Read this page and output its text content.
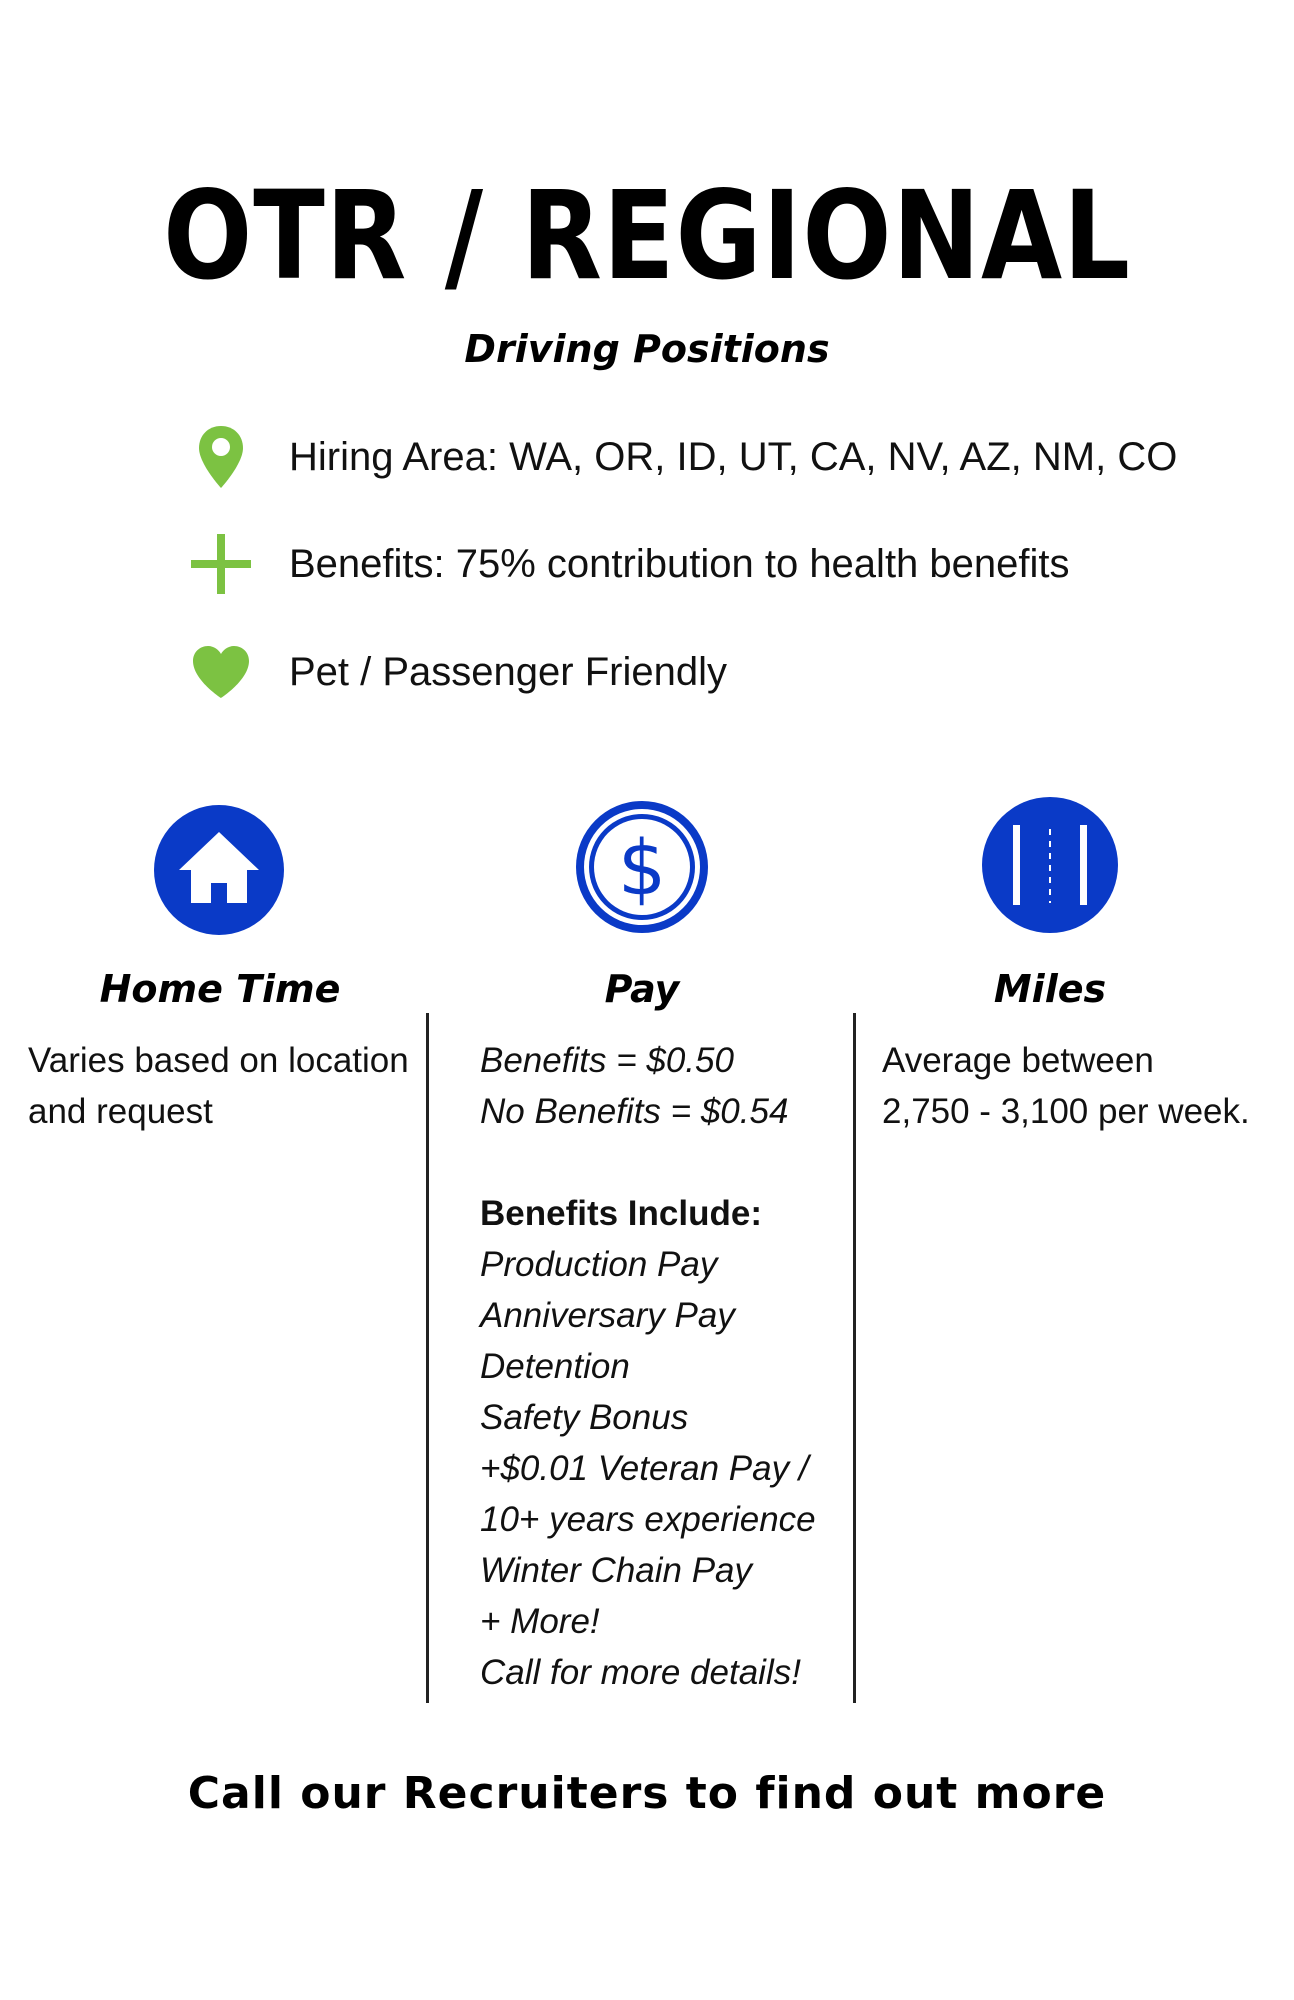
OTR / REGIONAL
Driving Positions
Hiring Area: WA, OR, ID, UT, CA, NV, AZ, NM, CO
Benefits: 75% contribution to health benefits
Pet / Passenger Friendly
$
Home Time	Pay	Miles
Varies based on location
and request
Benefits = $0.50
No Benefits = $0.54
Benefits Include:
Production Pay
Anniversary Pay
Detention
Safety Bonus
+$0.01 Veteran Pay /
10+ years experience
Winter Chain Pay
+ More!
Call for more details!
Average between
2,750 - 3,100 per week.
Call our Recruiters to find out more
